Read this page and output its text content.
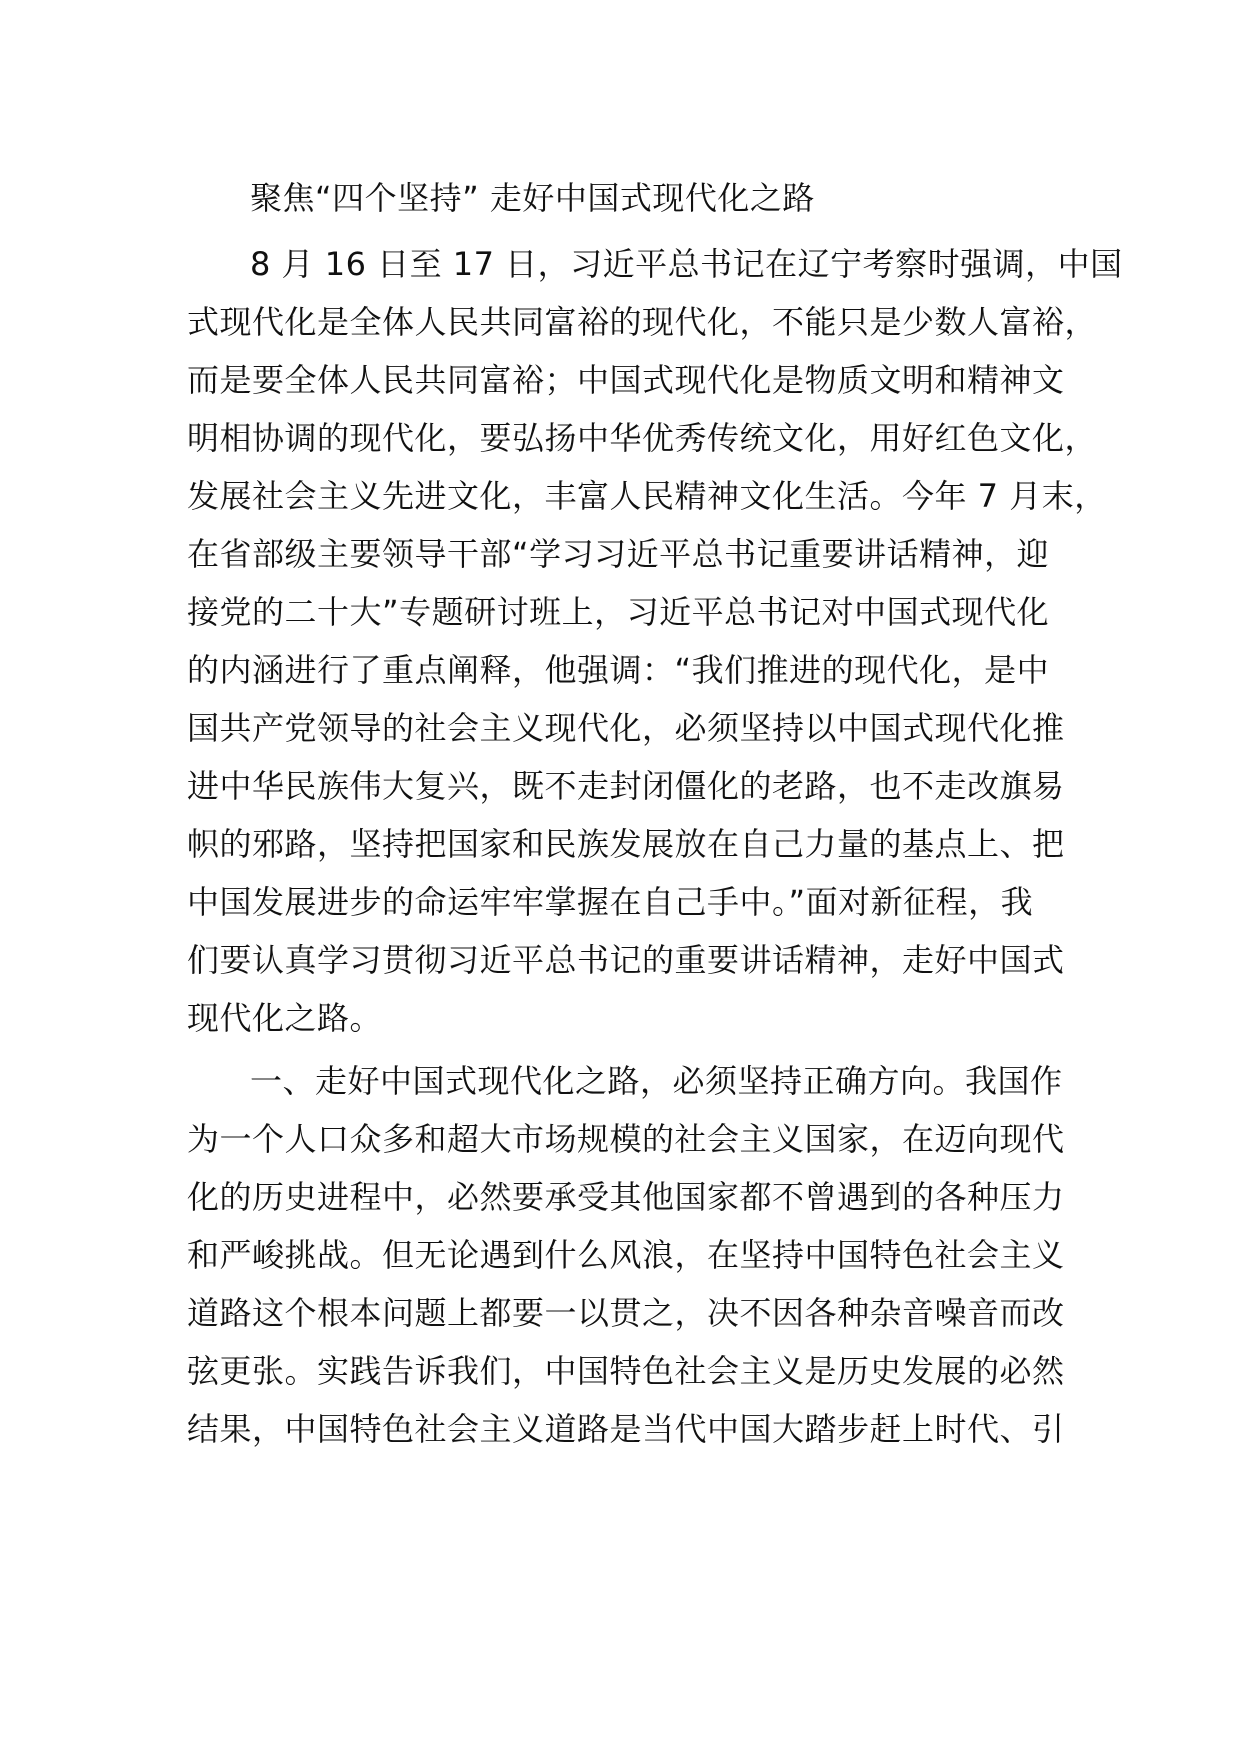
聚焦“四个坚持” 走好中国式现代化之路

8 月 16 日至 17 日，习近平总书记在辽宁考察时强调，中国

式现代化是全体人民共同富裕的现代化，不能只是少数人富裕，

而是要全体人民共同富裕；中国式现代化是物质文明和精神文

明相协调的现代化，要弘扬中华优秀传统文化，用好红色文化，

发展社会主义先进文化，丰富人民精神文化生活。今年 7 月末，

在省部级主要领导干部“学习习近平总书记重要讲话精神，迎

接党的二十大”专题研讨班上，习近平总书记对中国式现代化

的内涵进行了重点阐释，他强调：“我们推进的现代化，是中

国共产党领导的社会主义现代化，必须坚持以中国式现代化推

进中华民族伟大复兴，既不走封闭僵化的老路，也不走改旗易

帜的邪路，坚持把国家和民族发展放在自己力量的基点上、把

中国发展进步的命运牢牢掌握在自己手中。”面对新征程，我

们要认真学习贯彻习近平总书记的重要讲话精神，走好中国式

现代化之路。

一、走好中国式现代化之路，必须坚持正确方向。我国作

为一个人口众多和超大市场规模的社会主义国家，在迈向现代

化的历史进程中，必然要承受其他国家都不曾遇到的各种压力

和严峻挑战。但无论遇到什么风浪，在坚持中国特色社会主义

道路这个根本问题上都要一以贯之，决不因各种杂音噪音而改

弦更张。实践告诉我们，中国特色社会主义是历史发展的必然

结果，中国特色社会主义道路是当代中国大踏步赶上时代、引
